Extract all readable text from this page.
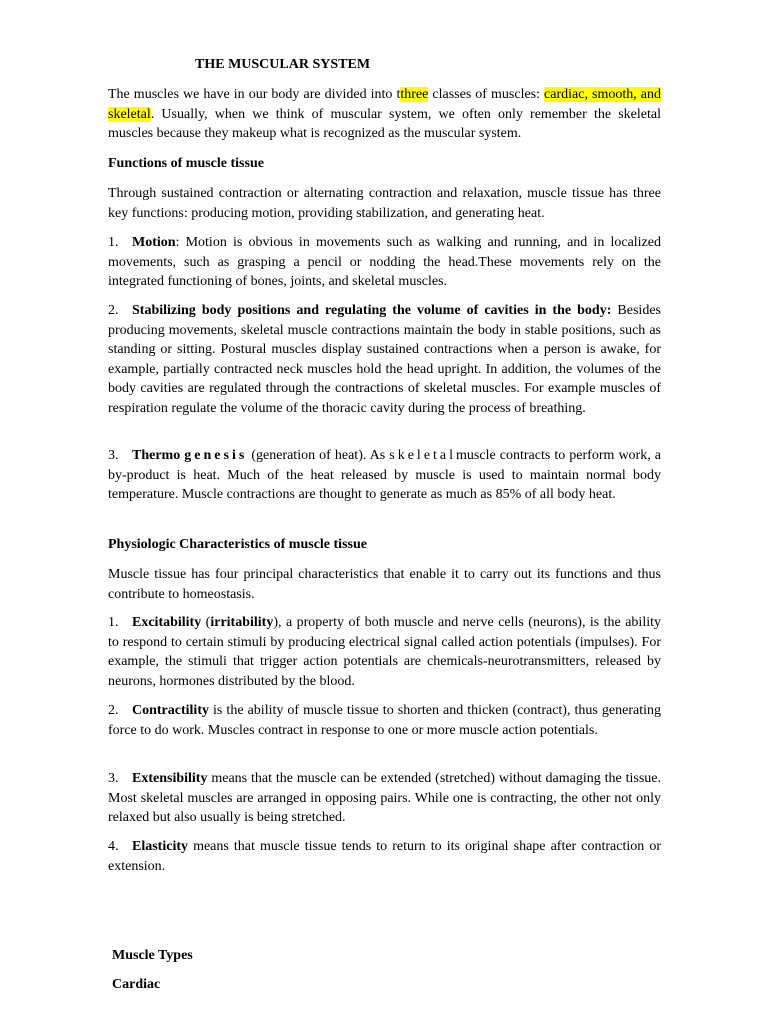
THE MUSCULAR SYSTEM

The muscles we have in our body are divided into tthree classes of muscles: cardiac, smooth, and skeletal. Usually, when we think of muscular system, we often only remember the skeletal muscles because they makeup what is recognized as the muscular system.

Functions of muscle tissue

Through sustained contraction or alternating contraction and relaxation, muscle tissue has three key functions: producing motion, providing stabilization, and generating heat.

1. Motion: Motion is obvious in movements such as walking and running, and in localized movements, such as grasping a pencil or nodding the head.These movements rely on the integrated functioning of bones, joints, and skeletal muscles.

2. Stabilizing body positions and regulating the volume of cavities in the body: Besides producing movements, skeletal muscle contractions maintain the body in stable positions, such as standing or sitting. Postural muscles display sustained contractions when a person is awake, for example, partially contracted neck muscles hold the head upright. In addition, the volumes of the body cavities are regulated through the contractions of skeletal muscles. For example muscles of respiration regulate the volume of the thoracic cavity during the process of breathing.

3. Thermo genesis (generation of heat). As skeletalmuscle contracts to perform work, a by-product is heat. Much of the heat released by muscle is used to maintain normal body temperature. Muscle contractions are thought to generate as much as 85% of all body heat.

Physiologic Characteristics of muscle tissue

Muscle tissue has four principal characteristics that enable it to carry out its functions and thus contribute to homeostasis.

1. Excitability (irritability), a property of both muscle and nerve cells (neurons), is the ability to respond to certain stimuli by producing electrical signal called action potentials (impulses). For example, the stimuli that trigger action potentials are chemicals-neurotransmitters, released by neurons, hormones distributed by the blood.

2. Contractility is the ability of muscle tissue to shorten and thicken (contract), thus generating force to do work. Muscles contract in response to one or more muscle action potentials.

3. Extensibility means that the muscle can be extended (stretched) without damaging the tissue. Most skeletal muscles are arranged in opposing pairs. While one is contracting, the other not only relaxed but also usually is being stretched.

4. Elasticity means that muscle tissue tends to return to its original shape after contraction or extension.

Muscle Types

Cardiac
